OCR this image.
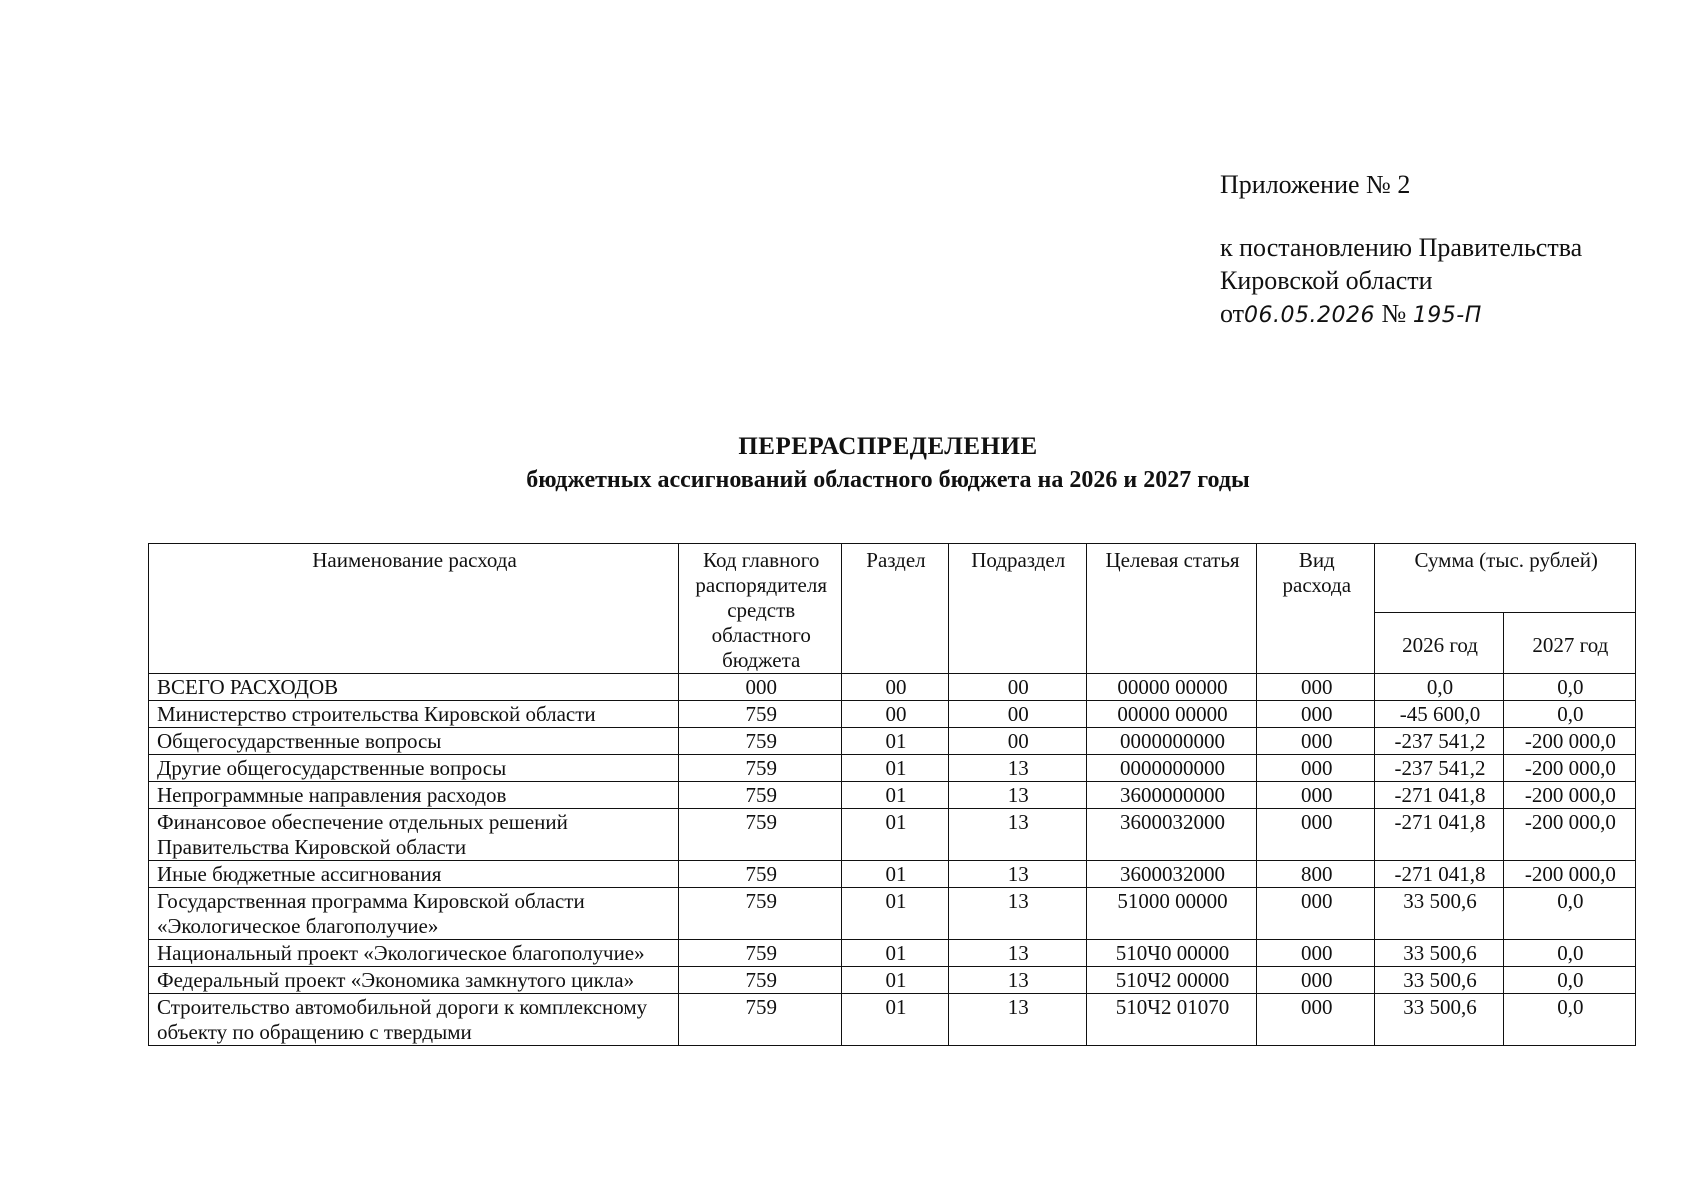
Приложение № 2
к постановлению Правительства
Кировской области
от06.05.2026 № 195-П
ПЕРЕРАСПРЕДЕЛЕНИЕ
бюджетных ассигнований областного бюджета на 2026 и 2027 годы
Наименование расхода	Код главного распорядителя средств областного бюджета	Раздел	Подраздел	Целевая статья	Вид расхода	Сумма (тыс. рублей)	
						2026 год	2027 год
ВСЕГО РАСХОДОВ	000	00	00	00000 00000	000	0,0	0,0
Министерство строительства Кировской области	759	00	00	00000 00000	000	-45 600,0	0,0
Общегосударственные вопросы	759	01	00	0000000000	000	-237 541,2	-200 000,0
Другие общегосударственные вопросы	759	01	13	0000000000	000	-237 541,2	-200 000,0
Непрограммные направления расходов	759	01	13	3600000000	000	-271 041,8	-200 000,0
Финансовое обеспечение отдельных решений Правительства Кировской области	759	01	13	3600032000	000	-271 041,8	-200 000,0
Иные бюджетные ассигнования	759	01	13	3600032000	800	-271 041,8	-200 000,0
Государственная программа Кировской области «Экологическое благополучие»	759	01	13	51000 00000	000	33 500,6	0,0
Национальный проект «Экологическое благополучие»	759	01	13	510Ч0 00000	000	33 500,6	0,0
Федеральный проект «Экономика замкнутого цикла»	759	01	13	510Ч2 00000	000	33 500,6	0,0
Строительство автомобильной дороги к комплексному объекту по обращению с твердыми	759	01	13	510Ч2 01070	000	33 500,6	0,0
